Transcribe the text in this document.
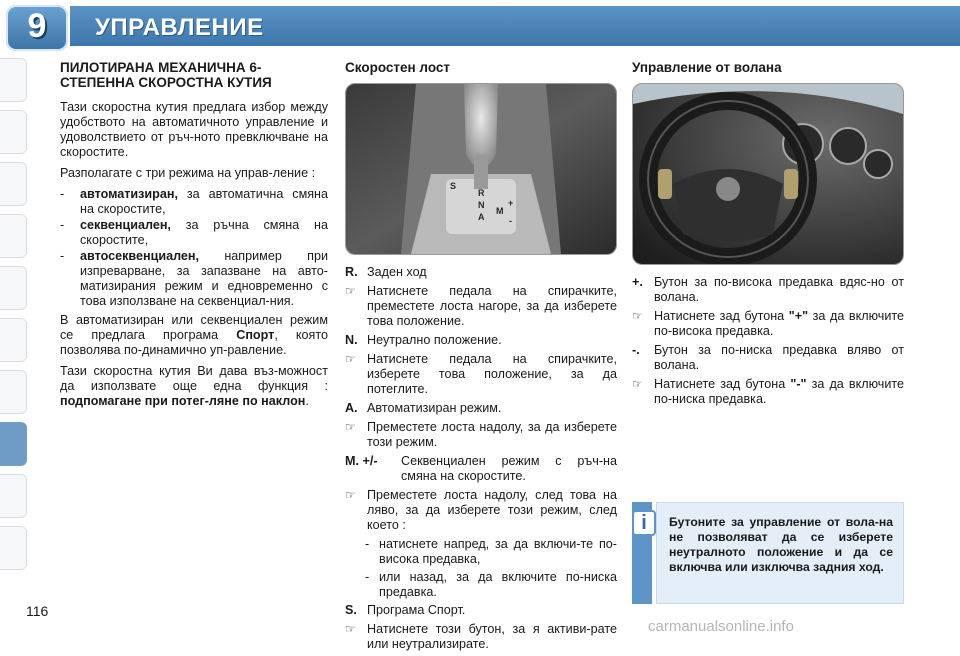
9	УПРАВЛЕНИЕ
116
ПИЛОТИРАНА МЕХАНИЧНА 6-СТЕПЕННА СКОРОСТНА КУТИЯ

Тази скоростна кутия предлага избор между удобството на автоматичното управление и удоволствието от ръч-ното превключване на скоростите.

Разполагате с три режима на управ-ление :

-	автоматизиран, за автоматична смяна на скоростите,
-	секвенциален, за ръчна смяна на скоростите,
-	автосеквенциален, например при изпреварване, за запазване на авто-матизирания режим и едновременно с това използване на секвенциал-ния.

В автоматизиран или секвенциален режим се предлага програма Спорт, която позволява по-динамично уп-равление.

Тази скоростна кутия Ви дава въз-можност да използвате още една функция : подпомагане при потег-ляне по наклон.

Скоростен лост
S
R
N
A
M
+
-
R. Заден ход
☞ Натиснете педала на спирачките, преместете лоста нагоре, за да изберете това положение.
N. Неутрално положение.
☞ Натиснете педала на спирачките, изберете това положение, за да потеглите.
A. Автоматизиран режим.
☞ Преместете лоста надолу, за да изберете този режим.
M. +/-	Секвенциален режим с ръч-на смяна на скоростите.
☞ Преместете лоста надолу, след това на ляво, за да изберете този режим, след което :
- натиснете напред, за да включи-те по-висока предавка,
- или назад, за да включите по-ниска предавка.
S. Програма Спорт.
☞ Натиснете този бутон, за я активи-рате или неутрализирате.
Управление от волана
+. Бутон за по-висока предавка вдяс-но от волана.
☞ Натиснете зад бутона "+" за да включите по-висока предавка.
-.	Бутон за по-ниска предавка вляво от волана.
☞ Натиснете зад бутона "-" за да включите по-ниска предавка.
Бутоните за управление от вола-на не позволяват да се изберете неутралното положение и да се включва или изключва задния ход.
i
carmanualsonline.info
